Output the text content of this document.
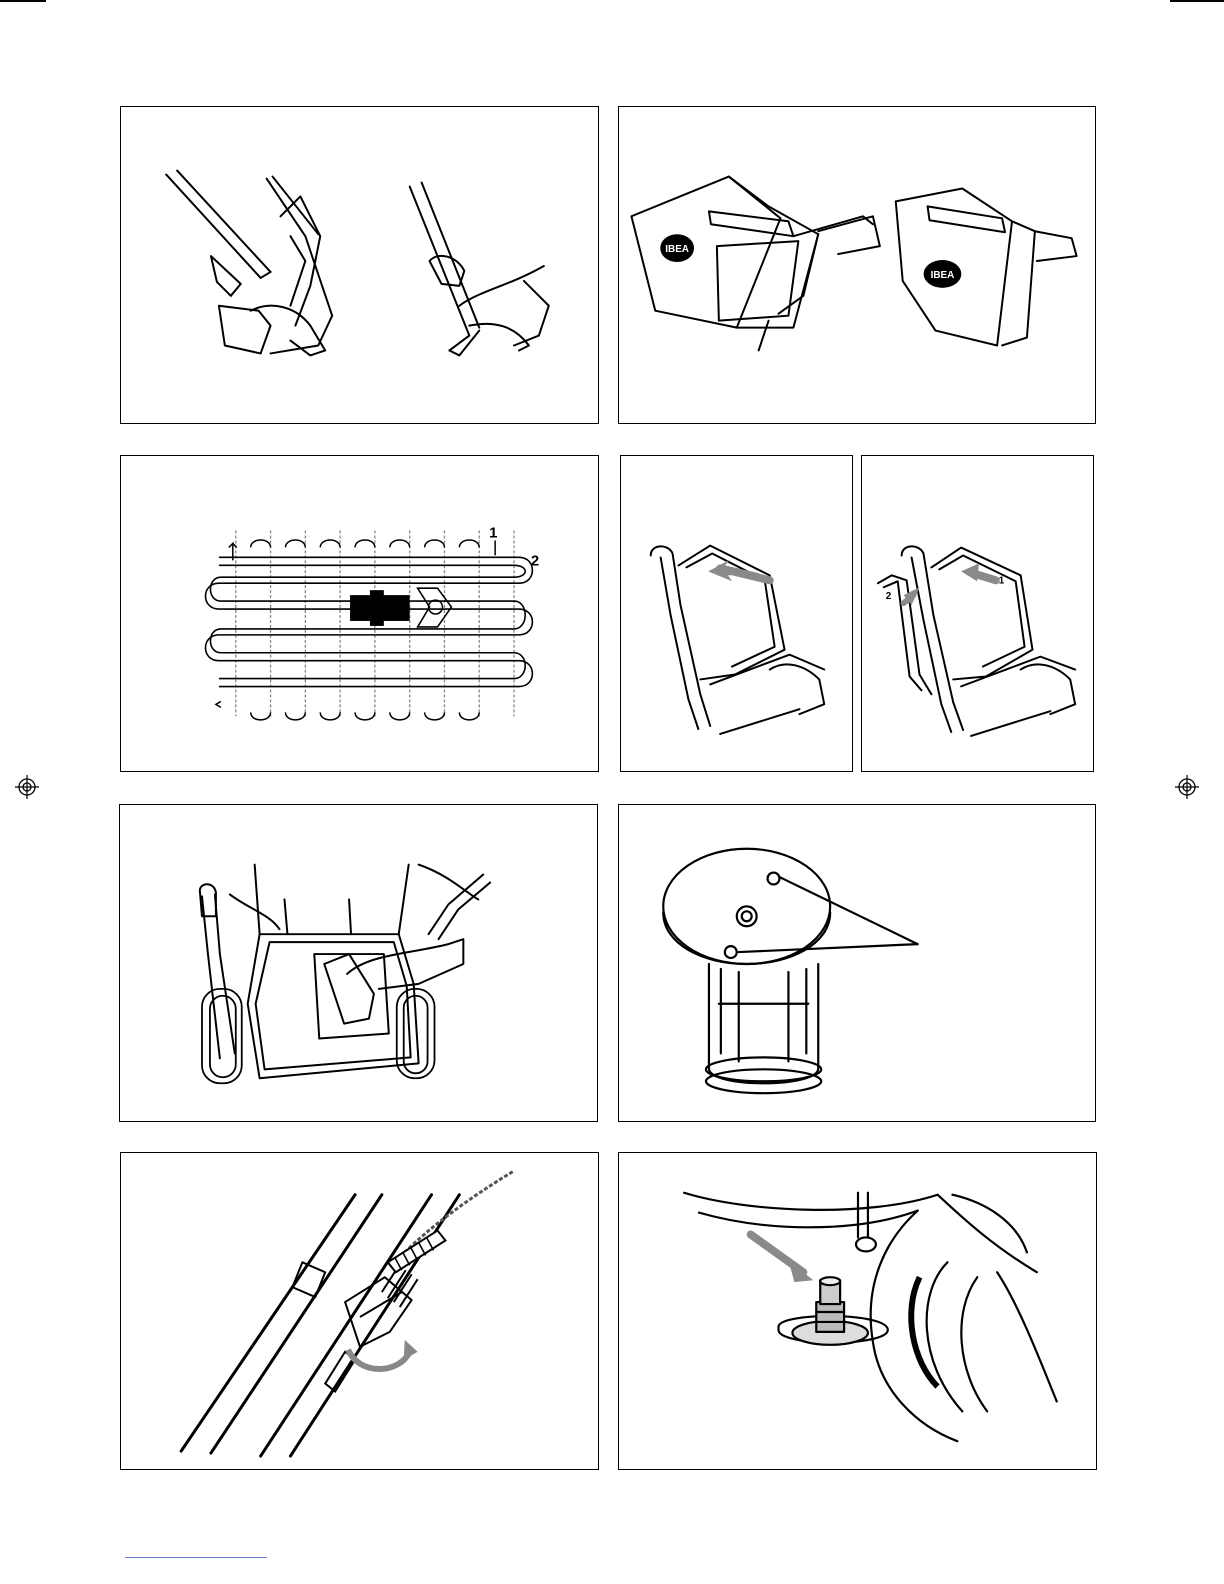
IBEA
IBEA
1
2
1
2
